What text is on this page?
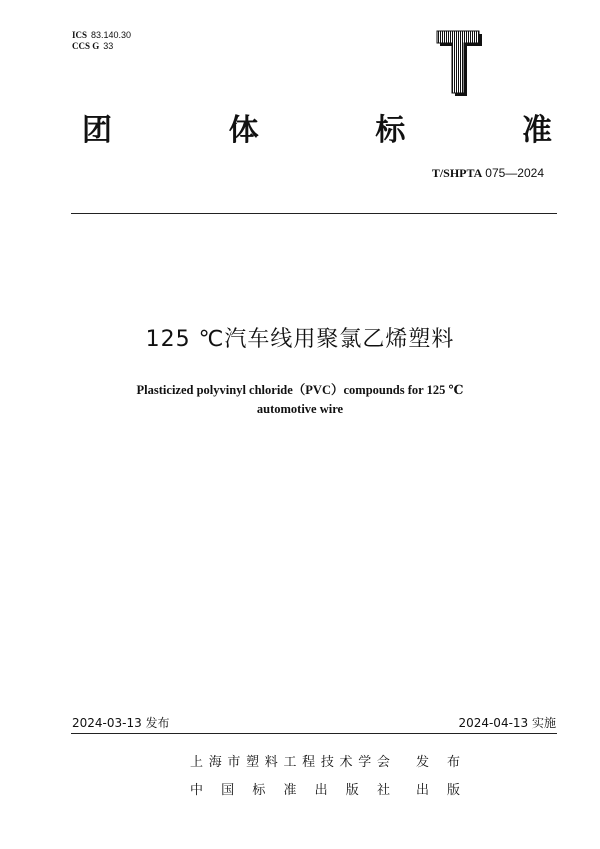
ICS 83.140.30
CCS G 33
团	体	标	准
T/SHPTA 075—2024
125 ℃汽车线用聚氯乙烯塑料
Plasticized polyvinyl chloride（PVC）compounds for 125 ℃
automotive wire
2024-03-13 发布	2024-04-13 实施
上 海 市 塑 料 工 程 技 术 学 会 发 布
中 国 标 准 出 版 社 出 版
